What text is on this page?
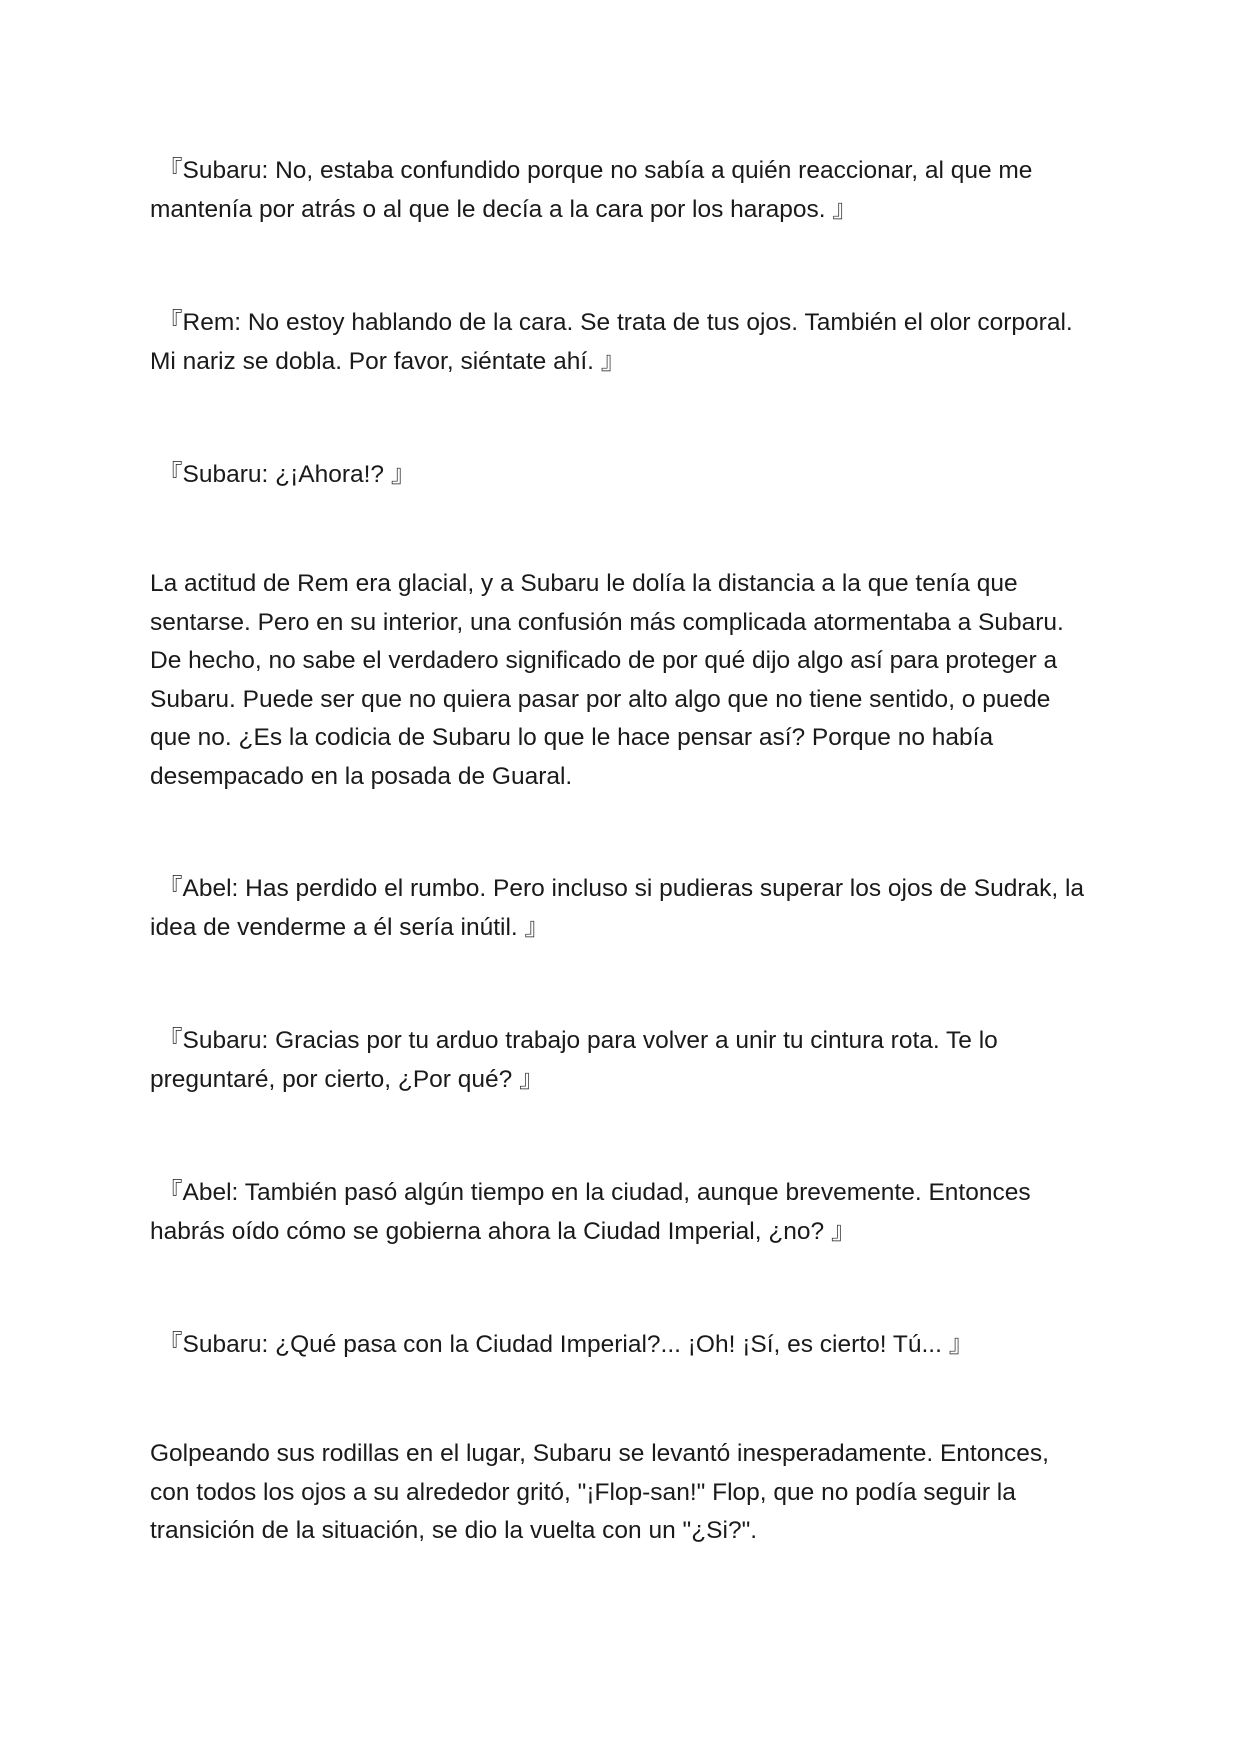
『Subaru: No, estaba confundido porque no sabía a quién reaccionar, al que me mantenía por atrás o al que le decía a la cara por los harapos. 』

『Rem: No estoy hablando de la cara. Se trata de tus ojos. También el olor corporal. Mi nariz se dobla. Por favor, siéntate ahí. 』

『Subaru: ¿¡Ahora!? 』

La actitud de Rem era glacial, y a Subaru le dolía la distancia a la que tenía que sentarse. Pero en su interior, una confusión más complicada atormentaba a Subaru. De hecho, no sabe el verdadero significado de por qué dijo algo así para proteger a Subaru. Puede ser que no quiera pasar por alto algo que no tiene sentido, o puede que no. ¿Es la codicia de Subaru lo que le hace pensar así? Porque no había desempacado en la posada de Guaral.

『Abel: Has perdido el rumbo. Pero incluso si pudieras superar los ojos de Sudrak, la idea de venderme a él sería inútil. 』

『Subaru: Gracias por tu arduo trabajo para volver a unir tu cintura rota. Te lo preguntaré, por cierto, ¿Por qué? 』

『Abel: También pasó algún tiempo en la ciudad, aunque brevemente. Entonces habrás oído cómo se gobierna ahora la Ciudad Imperial, ¿no? 』

『Subaru: ¿Qué pasa con la Ciudad Imperial?... ¡Oh! ¡Sí, es cierto! Tú... 』

Golpeando sus rodillas en el lugar, Subaru se levantó inesperadamente. Entonces, con todos los ojos a su alrededor gritó, "¡Flop-san!" Flop, que no podía seguir la transición de la situación, se dio la vuelta con un "¿Si?".
